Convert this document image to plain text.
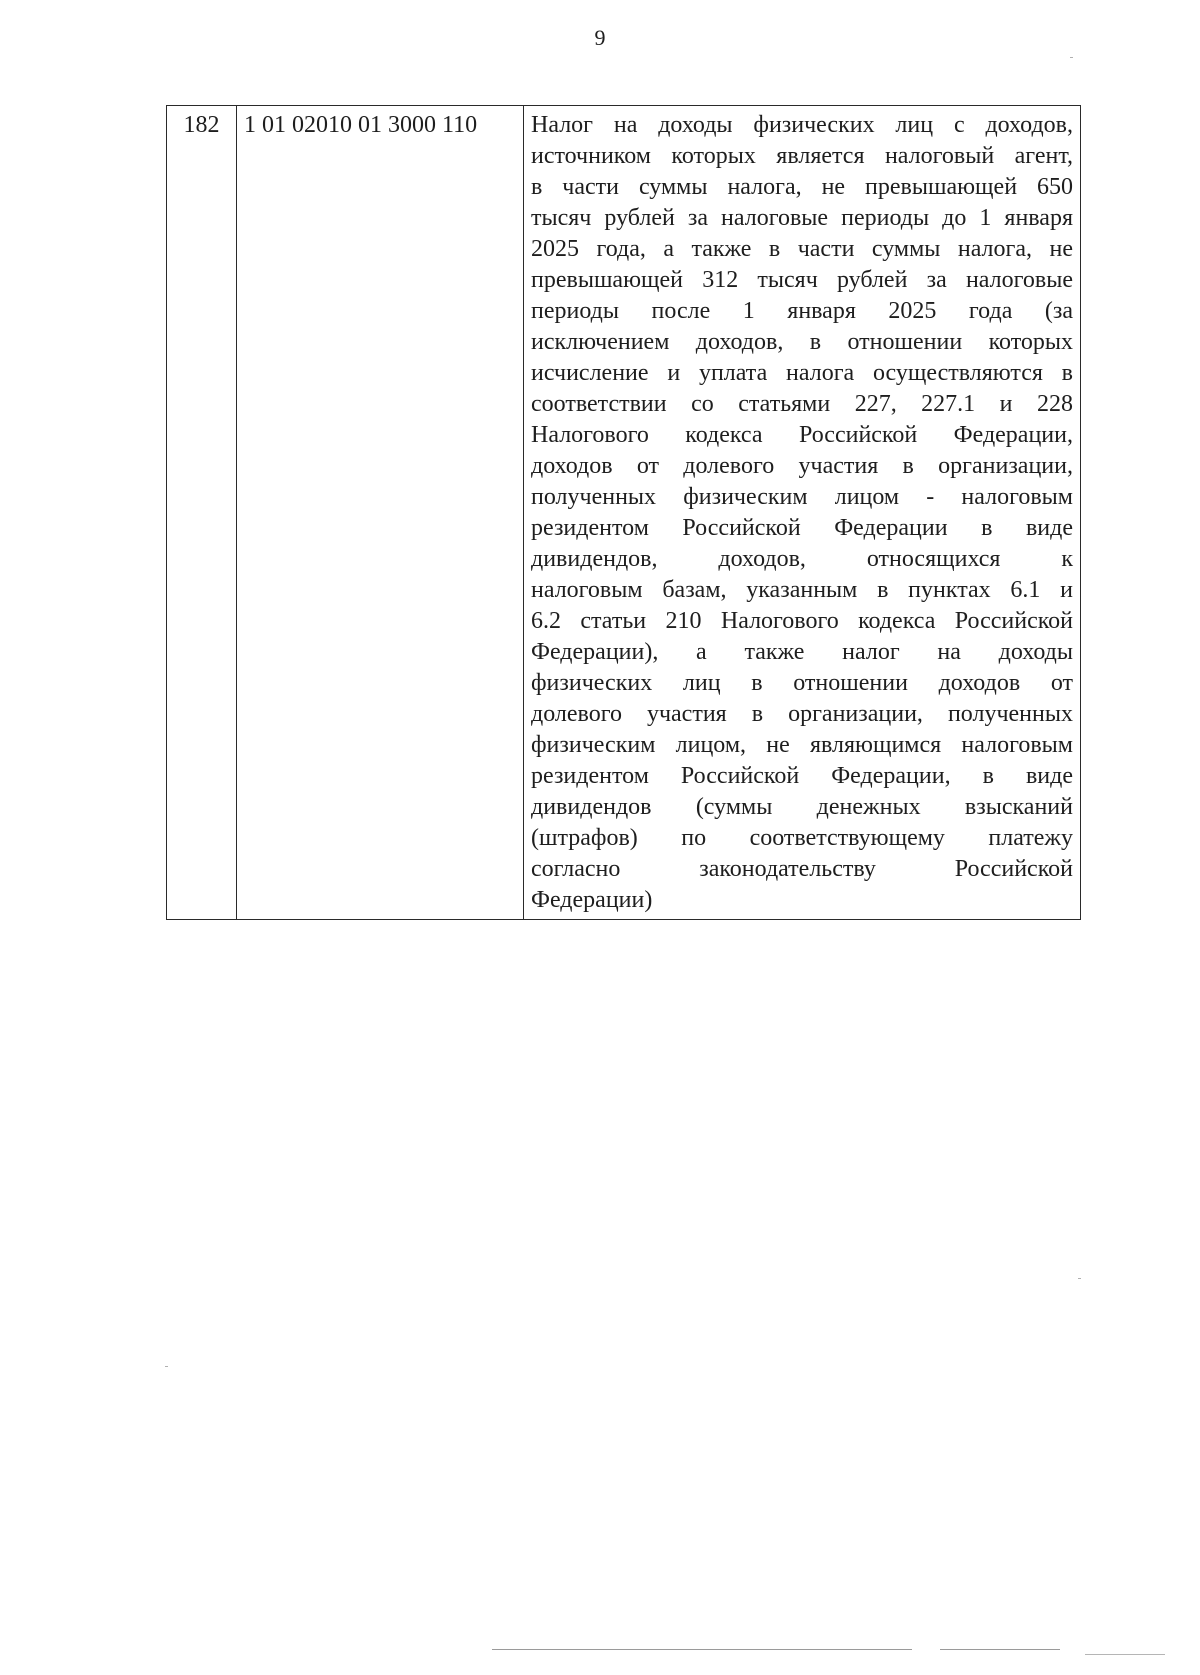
9
182	1 01 02010 01 3000 110	Налог на доходы физических лиц с доходов,
источником которых является налоговый агент,
в части суммы налога, не превышающей 650
тысяч рублей за налоговые периоды до 1 января
2025 года, а также в части суммы налога, не
превышающей 312 тысяч рублей за налоговые
периоды после 1 января 2025 года (за
исключением доходов, в отношении которых
исчисление и уплата налога осуществляются в
соответствии со статьями 227, 227.1 и 228
Налогового кодекса Российской Федерации,
доходов от долевого участия в организации,
полученных физическим лицом - налоговым
резидентом Российской Федерации в виде
дивидендов, доходов, относящихся к
налоговым базам, указанным в пунктах 6.1 и
6.2 статьи 210 Налогового кодекса Российской
Федерации), а также налог на доходы
физических лиц в отношении доходов от
долевого участия в организации, полученных
физическим лицом, не являющимся налоговым
резидентом Российской Федерации, в виде
дивидендов (суммы денежных взысканий
(штрафов) по соответствующему платежу
согласно законодательству Российской
Федерации)
